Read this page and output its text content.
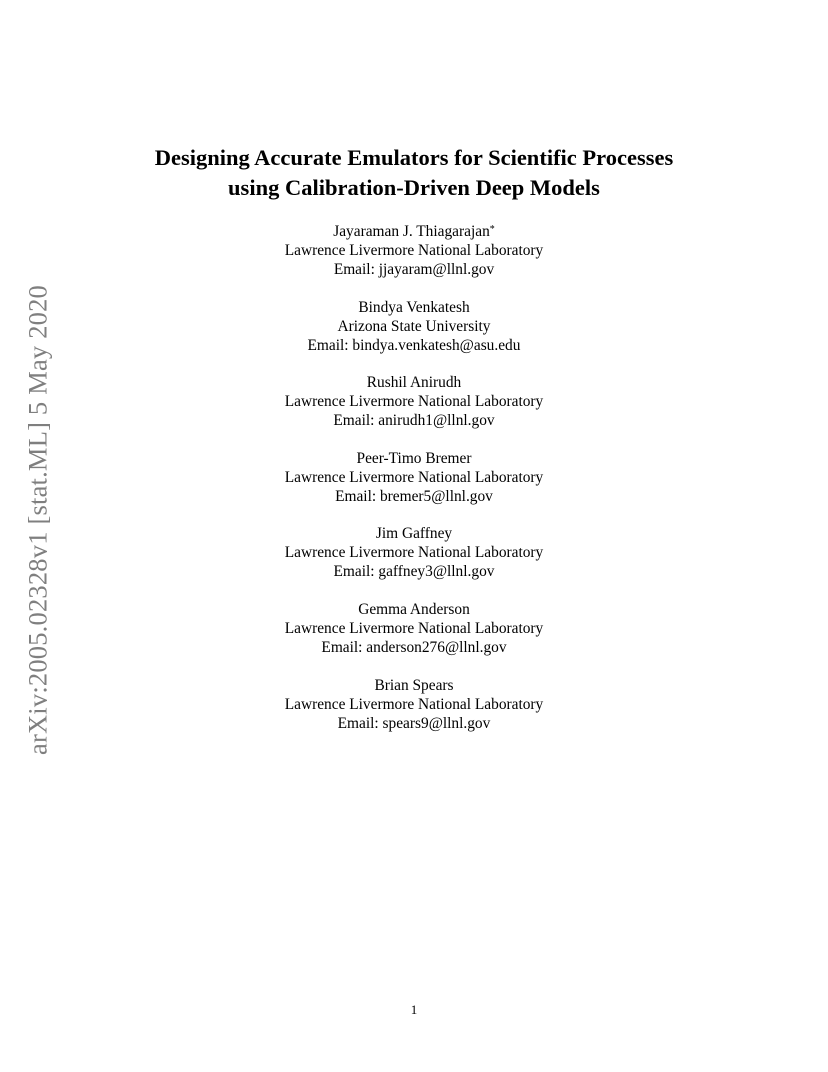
arXiv:2005.02328v1 [stat.ML] 5 May 2020

Designing Accurate Emulators for Scientific Processes

using Calibration-Driven Deep Models

Jayaraman J. Thiagarajan*

Lawrence Livermore National Laboratory

Email: jjayaram@llnl.gov

Bindya Venkatesh

Arizona State University

Email: bindya.venkatesh@asu.edu

Rushil Anirudh

Lawrence Livermore National Laboratory

Email: anirudh1@llnl.gov

Peer-Timo Bremer

Lawrence Livermore National Laboratory

Email: bremer5@llnl.gov

Jim Gaffney

Lawrence Livermore National Laboratory

Email: gaffney3@llnl.gov

Gemma Anderson

Lawrence Livermore National Laboratory

Email: anderson276@llnl.gov

Brian Spears

Lawrence Livermore National Laboratory

Email: spears9@llnl.gov

1
